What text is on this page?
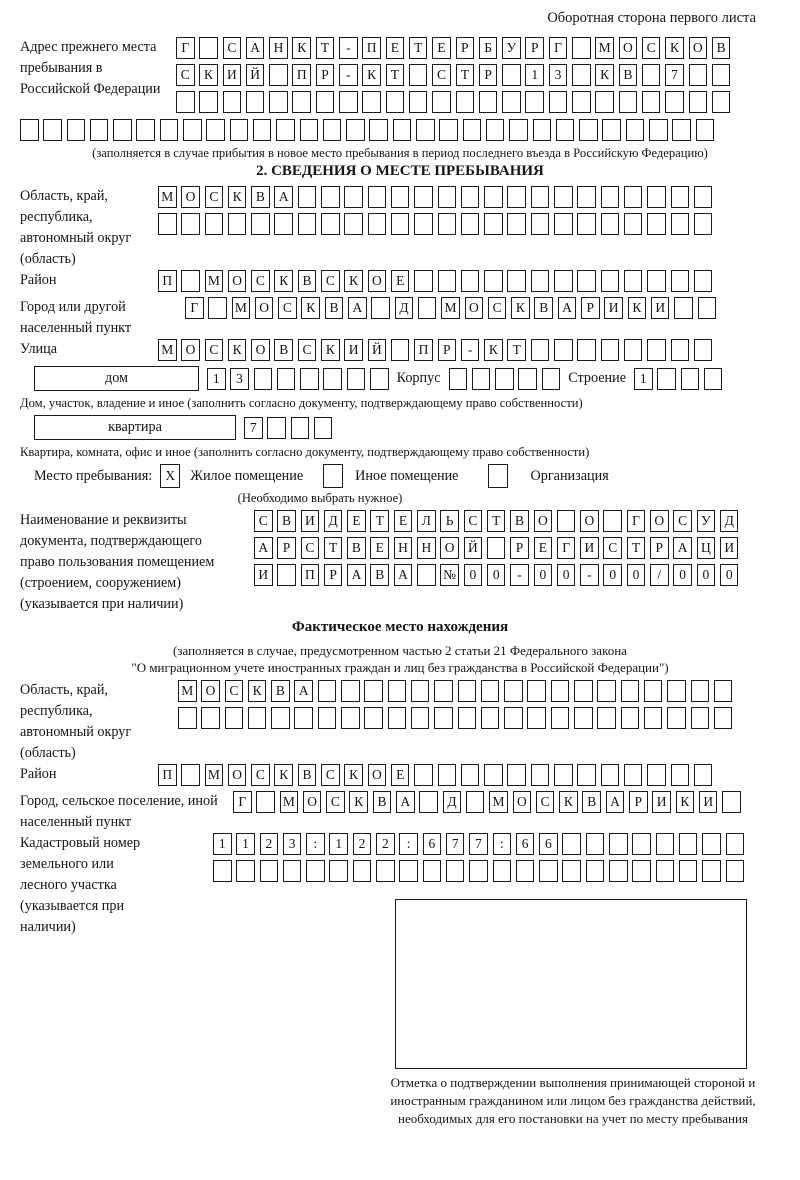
Оборотная сторона первого листа
Адрес прежнего места пребывания в Российской Федерации
Г	С	А	Н	К	Т	-	П	Е	Т	Е	Р	Б	У	Р	Г	М О	С	К	О	В
С	К	И	Й	П	Р	-	К	Т	С	Т	Р	1	3	К	В	7
(заполняется в случае прибытия в новое место пребывания в период последнего въезда в Российскую Федерацию)
2. СВЕДЕНИЯ О МЕСТЕ ПРЕБЫВАНИЯ
Область, край, республика, автономный округ (область)
М О	С	К	В	А
Район	П	М О	С	К	В	С	К	О	Е
Город или другой населенный пункт
Г	М О	С	К	В	А	Д	М О	С	К	В	А	Р	И	К	И
Улица	М О	С	К	О	В	С	К	И	Й	П	Р	-	К	Т
дом	1	3	Корпус	Строение	1
Дом, участок, владение и иное (заполнить согласно документу, подтверждающему право собственности)
квартира	7
Квартира, комната, офис и иное (заполнить согласно документу, подтверждающему право собственности)
Место пребывания: X	Жилое помещение	Иное помещение	Организация
(Необходимо выбрать нужное)
Наименование и реквизиты документа, подтверждающего право пользования помещением (строением, сооружением) (указывается при наличии)
С	В	И	Д	Е	Т	Е	Л	Ь	С	Т	В	О	О	Г	О	С	У	Д
А	Р	С	Т	В	Е	Н	Н	О	Й	Р	Е	Г	И	С	Т	Р	А	Ц	И
И	П	Р	А	В	А	№ 0	0	-	0	0	-	0	0	/	0	0	0
Фактическое место нахождения
(заполняется в случае, предусмотренном частью 2 статьи 21 Федерального закона
"О миграционном учете иностранных граждан и лиц без гражданства в Российской Федерации")
Область, край, республика, автономный округ (область)
М О	С	К	В	А
Район	П	М О	С	К	В	С	К	О	Е
Город, сельское поселение, иной населенный пункт
Г	М О	С	К	В	А	Д	М О	С	К	В	А	Р	И	К	И
Кадастровый номер земельного или лесного участка (указывается при наличии)
1	1	2	3	:	1	2	2	:	6	7	7	:	6	6
Отметка о подтверждении выполнения принимающей стороной и иностранным гражданином или лицом без гражданства действий, необходимых для его постановки на учет по месту пребывания
